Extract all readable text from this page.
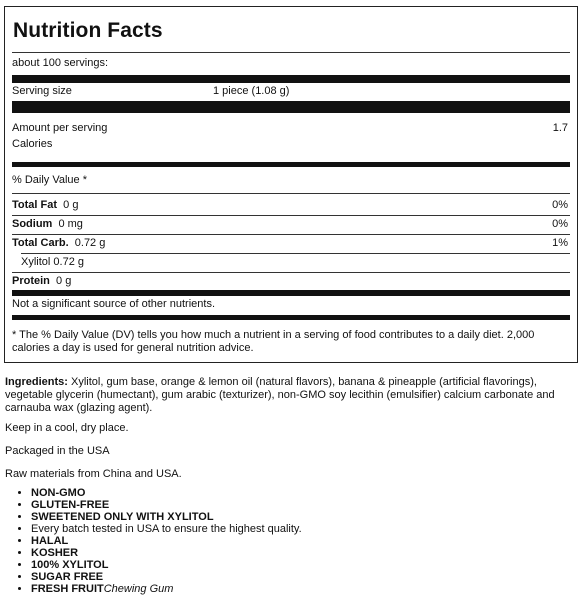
Nutrition Facts
about 100 servings:
Serving size	1 piece (1.08 g)
Amount per serving	1.7
Calories
% Daily Value *
Total Fat 0 g	0%
Sodium 0 mg	0%
Total Carb. 0.72 g	1%
Xylitol 0.72 g
Protein 0 g
Not a significant source of other nutrients.
* The % Daily Value (DV) tells you how much a nutrient in a serving of food contributes to a daily diet. 2,000 calories a day is used for general nutrition advice.
Ingredients: Xylitol, gum base, orange & lemon oil (natural flavors), banana & pineapple (artificial flavorings), vegetable glycerin (humectant), gum arabic (texturizer), non-GMO soy lecithin (emulsifier) calcium carbonate and carnauba wax (glazing agent).
Keep in a cool, dry place.
Packaged in the USA
Raw materials from China and USA.
• NON-GMO
• GLUTEN-FREE
• SWEETENED ONLY WITH XYLITOL
• Every batch tested in USA to ensure the highest quality.
• HALAL
• KOSHER
• 100% XYLITOL
• SUGAR FREE
• FRESH FRUITChewing Gum
